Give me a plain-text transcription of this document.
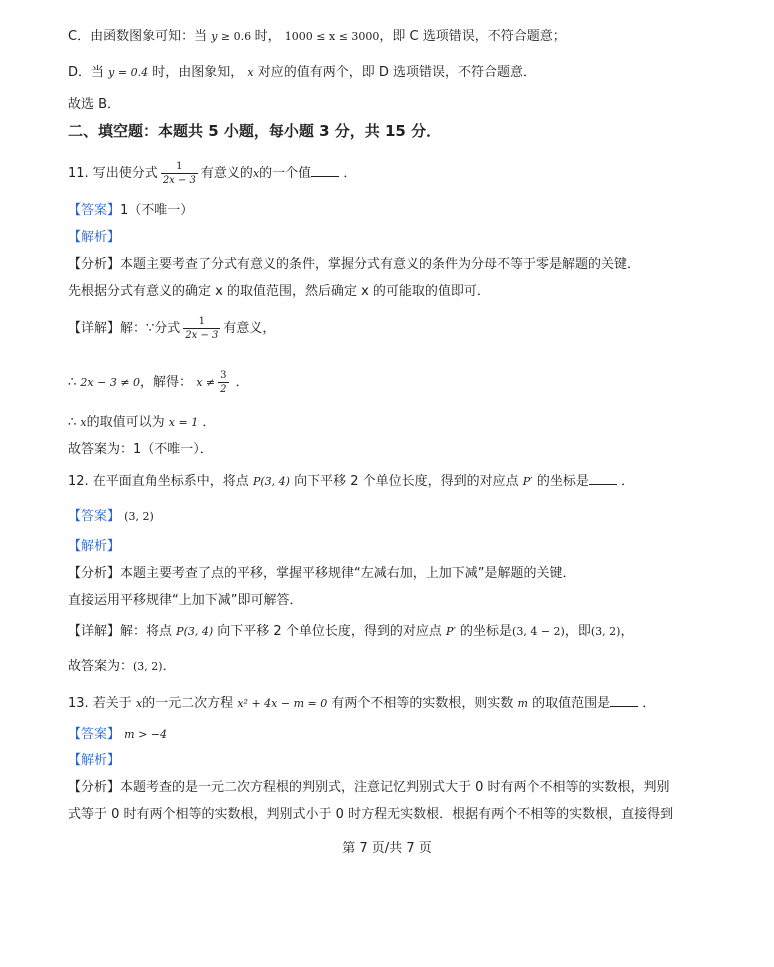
C．由函数图象可知：当 y ≥ 0.6 时， 1000 ≤ x ≤ 3000，即 C 选项错误，不符合题意；
D．当 y = 0.4 时，由图象知， x 对应的值有两个，即 D 选项错误，不符合题意．
故选 B．
二、填空题：本题共 5 小题，每小题 3 分，共 15 分．
11. 写出使分式 $\frac{1}{2x - 3}$ 有意义的x的一个值 ．
【答案】1（不唯一）
【解析】
【分析】本题主要考查了分式有意义的条件，掌握分式有意义的条件为分母不等于零是解题的关键．
先根据分式有意义的确定 x 的取值范围，然后确定 x 的可能取的值即可．
【详解】解：∵分式 $\frac{1}{2x - 3}$ 有意义，
∴ 2x − 3 ≠ 0，解得： $x \ne \frac{3}{2}$ ．
∴ x的取值可以为 x = 1 ．
故答案为：1（不唯一）．
12. 在平面直角坐标系中，将点 P(3, 4) 向下平移 2 个单位长度，得到的对应点 P′ 的坐标是 ．
【答案】 (3, 2)
【解析】
【分析】本题主要考查了点的平移，掌握平移规律“左减右加，上加下减”是解题的关键．
直接运用平移规律“上加下减”即可解答．
【详解】解：将点 P(3, 4) 向下平移 2 个单位长度，得到的对应点 P′ 的坐标是(3, 4 − 2)，即(3, 2)，
故答案为：(3, 2)．
13. 若关于 x的一元二次方程 x² + 4x − m = 0 有两个不相等的实数根，则实数 m 的取值范围是 ．
【答案】 m > −4
【解析】
【分析】本题考查的是一元二次方程根的判别式，注意记忆判别式大于 0 时有两个不相等的实数根，判别
式等于 0 时有两个相等的实数根，判别式小于 0 时方程无实数根．根据有两个不相等的实数根，直接得到
第 7 页/共 7 页
